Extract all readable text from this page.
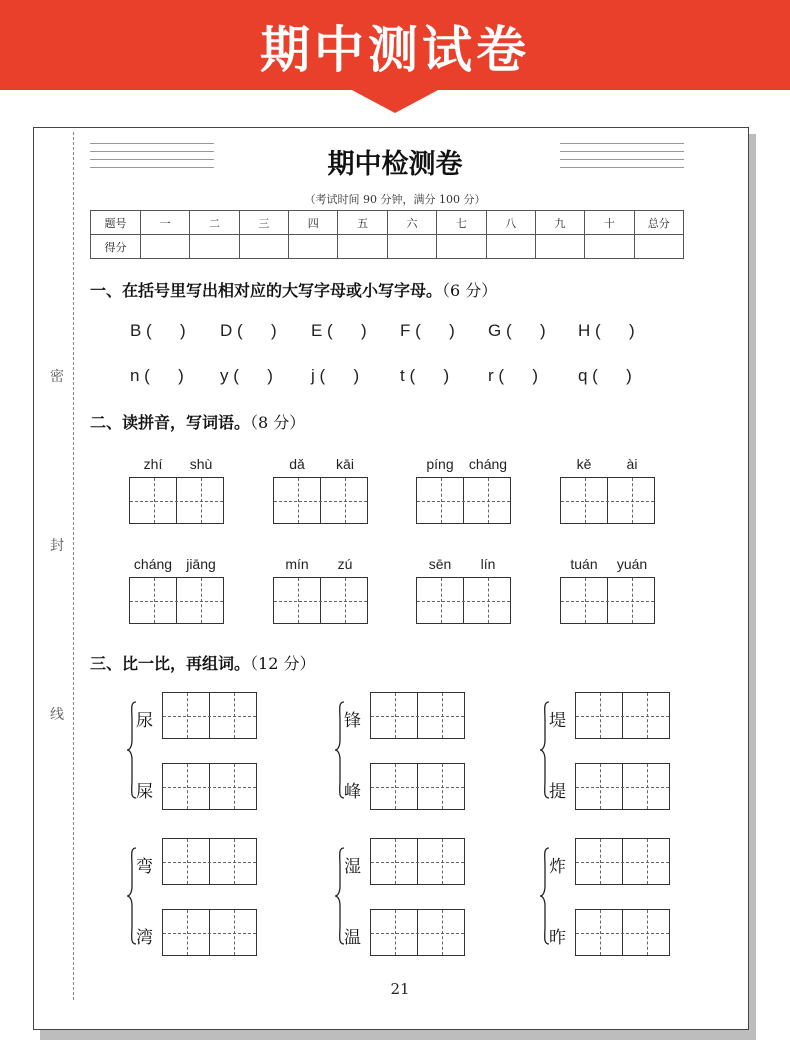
期中测试卷
密
封
线
期中检测卷
（考试时间 90 分钟，满分 100 分）
题号	一	二	三	四	五	六	七	八	九	十	总分
得分											
一、在括号里写出相对应的大写字母或小写字母。（6 分）
B (      ) D (      ) E (      ) F (      ) G (      ) H (      )
n (      ) y (      ) j (      ) t (      ) r (      ) q (      )
二、读拼音，写词语。（8 分）
zhí	shù	dǎ	kāi	píng	cháng	kě	ài
cháng	jiāng	mín	zú	sēn	lín	tuán	yuán
三、比一比，再组词。（12 分）
尿
屎
锋
峰
堤
提
弯
湾
湿
温
炸
昨
21
